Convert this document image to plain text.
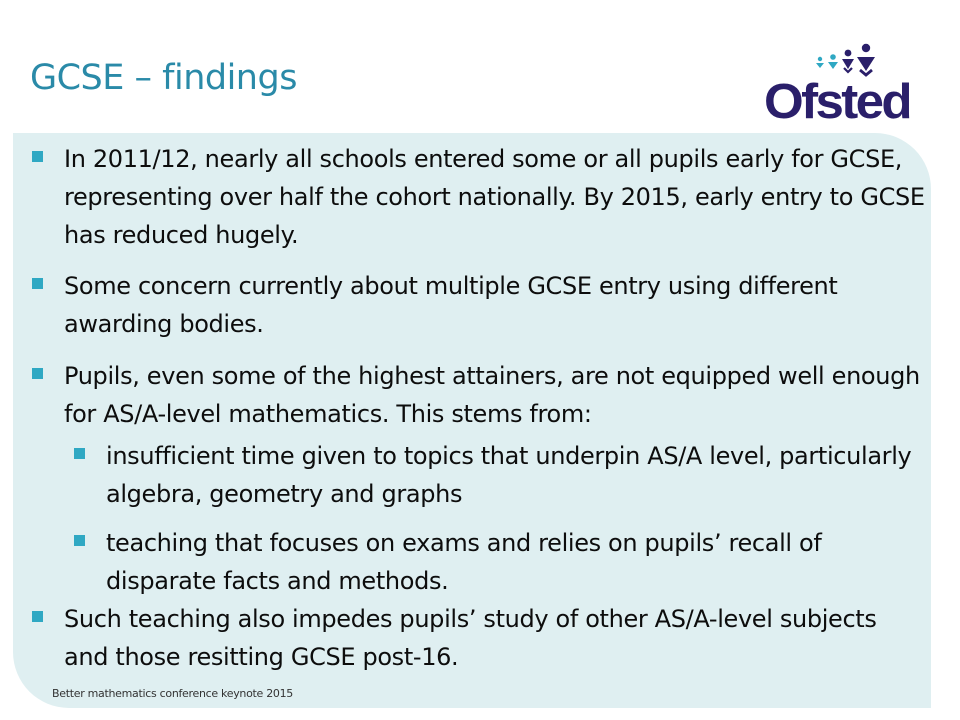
GCSE – findings	Ofsted
In 2011/12, nearly all schools entered some or all pupils early for GCSE, representing over half the cohort nationally. By 2015, early entry to GCSE has reduced hugely.
Some concern currently about multiple GCSE entry using different awarding bodies.
Pupils, even some of the highest attainers, are not equipped well enough for AS/A-level mathematics. This stems from:
insufficient time given to topics that underpin AS/A level, particularly algebra, geometry and graphs
teaching that focuses on exams and relies on pupils’ recall of disparate facts and methods.
Such teaching also impedes pupils’ study of other AS/A-level subjects and those resitting GCSE post-16.
Better mathematics conference keynote 2015
